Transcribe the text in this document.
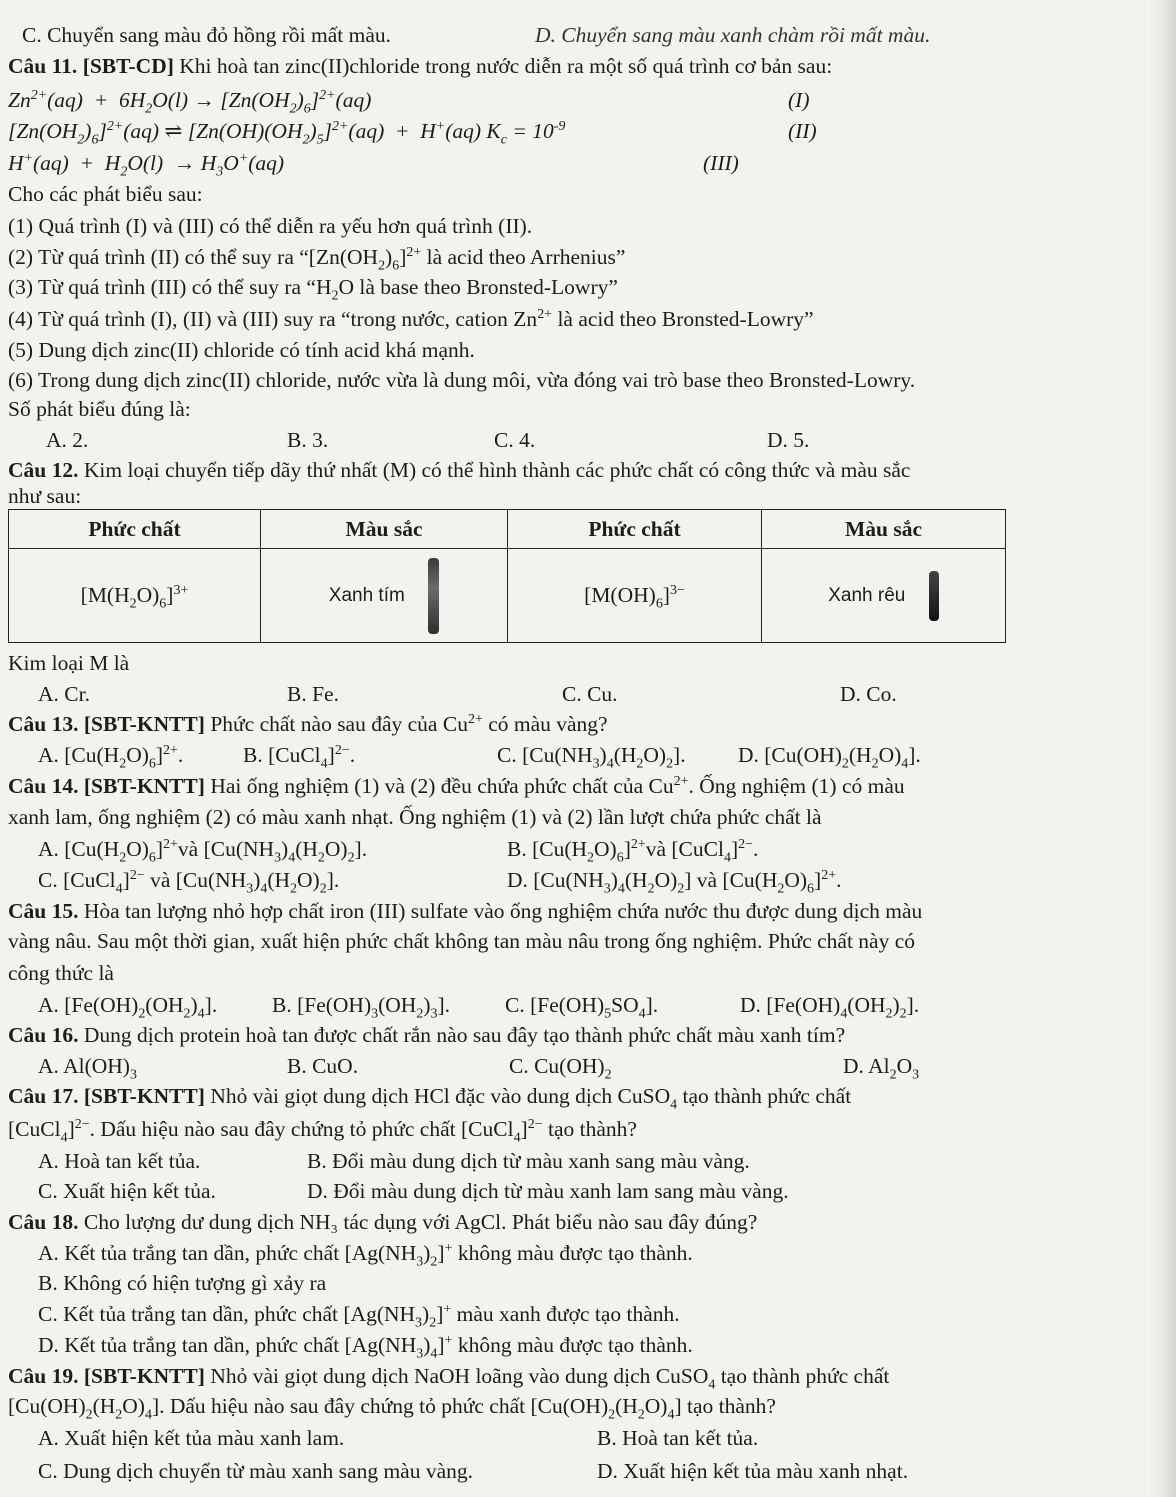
C. Chuyển sang màu đỏ hồng rồi mất màu.	D. Chuyển sang màu xanh chàm rồi mất màu.
Câu 11. [SBT-CD] Khi hoà tan zinc(II)chloride trong nước diễn ra một số quá trình cơ bản sau:
$Zn^{2+}(aq) + 6H_2O(l) \to [Zn(OH_2)_6]^{2+}(aq)$	(I)
$[Zn(OH_2)_6]^{2+}(aq)$ ⇌ $[Zn(OH)(OH_2)_5]^{2+}(aq) + H^+(aq) K_c = 10^{-9}$	(II)
$H^+(aq) + H_2O(l) \to H_3O^+(aq)$	(III)
Cho các phát biểu sau:
(1) Quá trình (I) và (III) có thể diễn ra yếu hơn quá trình (II).
(2) Từ quá trình (II) có thể suy ra “$[Zn(OH_2)_6]^{2+}$ là acid theo Arrhenius”
(3) Từ quá trình (III) có thể suy ra “$H_2O$ là base theo Bronsted-Lowry”
(4) Từ quá trình (I), (II) và (III) suy ra “trong nước, cation $Zn^{2+}$ là acid theo Bronsted-Lowry”
(5) Dung dịch zinc(II) chloride có tính acid khá mạnh.
(6) Trong dung dịch zinc(II) chloride, nước vừa là dung môi, vừa đóng vai trò base theo Bronsted-Lowry.
Số phát biểu đúng là:
A. 2.	B. 3.	C. 4.	D. 5.
Câu 12. Kim loại chuyển tiếp dãy thứ nhất (M) có thể hình thành các phức chất có công thức và màu sắc
như sau:
Phức chất	Màu sắc	Phức chất	Màu sắc
$[M(H_2O)_6]^{3+}$	Xanh tím	$[M(OH)_6]^{3-}$	Xanh rêu
Kim loại M là
A. Cr.	B. Fe.	C. Cu.	D. Co.
Câu 13. [SBT-KNTT] Phức chất nào sau đây của $Cu^{2+}$ có màu vàng?
A. $[Cu(H_2O)_6]^{2+}$.	B. [CuCl$_4$]$^{2-}$.	C. $[Cu(NH_3)_4(H_2O)_2]$. D. $[Cu(OH)_2(H_2O)_4]$.
Câu 14. [SBT-KNTT] Hai ống nghiệm (1) và (2) đều chứa phức chất của $Cu^{2+}$. Ống nghiệm (1) có màu
xanh lam, ống nghiệm (2) có màu xanh nhạt. Ống nghiệm (1) và (2) lần lượt chứa phức chất là
A. $[Cu(H_2O)_6]^{2+}và$ $[Cu(NH_3)_4(H_2O)_2]$.	B. $[Cu(H_2O)_6]^{2+}và$ [CuCl$_4$]$^{2-}$.
C. [CuCl$_4$]$^{2-}$ và $[Cu(NH_3)_4(H_2O)_2]$.	D. $[Cu(NH_3)_4(H_2O)_2]$ và $[Cu(H_2O)_6]^{2+}$.
Câu 15. Hòa tan lượng nhỏ hợp chất iron (III) sulfate vào ống nghiệm chứa nước thu được dung dịch màu
vàng nâu. Sau một thời gian, xuất hiện phức chất không tan màu nâu trong ống nghiệm. Phức chất này có
công thức là
A. $[Fe(OH)_2(OH_2)_4]$.	B. $[Fe(OH)_3(OH_2)_3]$.	C. $[Fe(OH)_5SO_4]$.	D. $[Fe(OH)_4(OH_2)_2]$.
Câu 16. Dung dịch protein hoà tan được chất rắn nào sau đây tạo thành phức chất màu xanh tím?
A. $Al(OH)_3$	B. CuO.	C. $Cu(OH)_2$	D. $Al_2O_3$
Câu 17. [SBT-KNTT] Nhỏ vài giọt dung dịch HCl đặc vào dung dịch CuSO$_4$ tạo thành phức chất
[CuCl$_4$]$^{2-}$. Dấu hiệu nào sau đây chứng tỏ phức chất [CuCl$_4$]$^{2-}$ tạo thành?
A. Hoà tan kết tủa.	B. Đổi màu dung dịch từ màu xanh sang màu vàng.
C. Xuất hiện kết tủa.	D. Đổi màu dung dịch từ màu xanh lam sang màu vàng.
Câu 18. Cho lượng dư dung dịch NH₃ tác dụng với AgCl. Phát biểu nào sau đây đúng?
A. Kết tủa trắng tan dần, phức chất $[Ag(NH_3)_2]^+$ không màu được tạo thành.
B. Không có hiện tượng gì xảy ra
C. Kết tủa trắng tan dần, phức chất $[Ag(NH_3)_2]^+$ màu xanh được tạo thành.
D. Kết tủa trắng tan dần, phức chất $[Ag(NH_3)_4]^+$ không màu được tạo thành.
Câu 19. [SBT-KNTT] Nhỏ vài giọt dung dịch NaOH loãng vào dung dịch CuSO$_4$ tạo thành phức chất
$[Cu(OH)_2(H_2O)_4]$. Dấu hiệu nào sau đây chứng tỏ phức chất $[Cu(OH)_2(H_2O)_4]$ tạo thành?
A. Xuất hiện kết tủa màu xanh lam.	B. Hoà tan kết tủa.
C. Dung dịch chuyển từ màu xanh sang màu vàng.	D. Xuất hiện kết tủa màu xanh nhạt.
